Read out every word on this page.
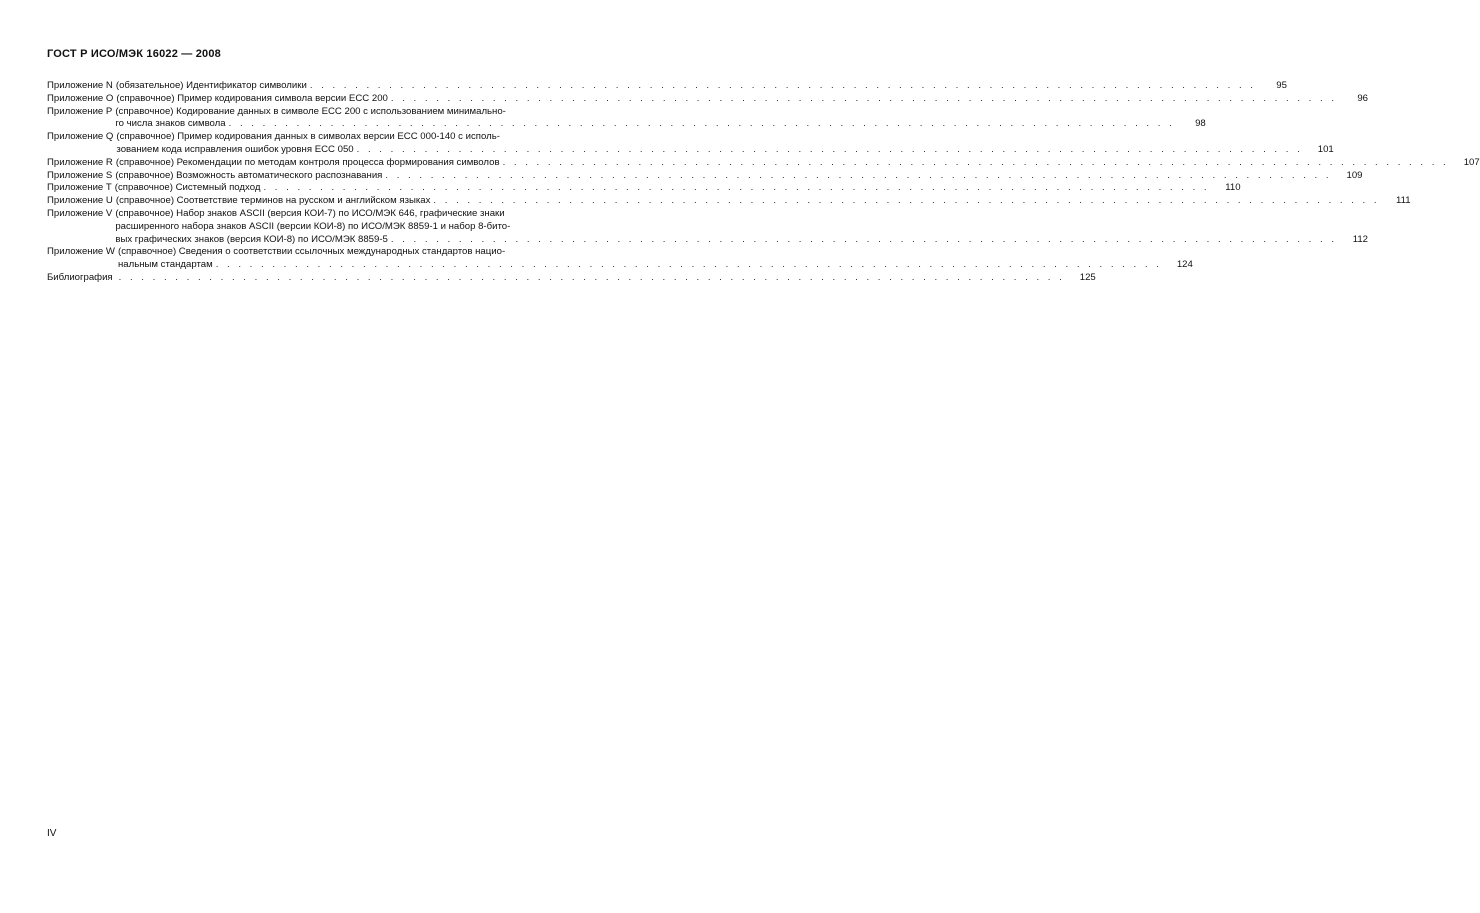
ГОСТ Р ИСО/МЭК 16022 — 2008
Приложение N (обязательное) Идентификатор символики . . . . . . . . . . . . . . . . . . . . . . . . . . . . . . . . . . . . . . . . . . . . . . . . . . . . . . . . . . . . . . . . . . . . . . . . . . . . . . . . . . . .	95
Приложение O (справочное) Пример кодирования символа версии ЕСС 200 . . . . . . . . . . . . . . . . . . . . . . . . . . . . . . . . . . . . . . . . . . . . . . . . . . . . . . . . . . . . . . . . . . . . . . . . . . . . . . . . . . . .	96
Приложение P (справочное) Кодирование данных в символе ЕСС 200 с использованием минимально-
го числа знаков символа . . . . . . . . . . . . . . . . . . . . . . . . . . . . . . . . . . . . . . . . . . . . . . . . . . . . . . . . . . . . . . . . . . . . . . . . . . . . . . . . . . . .	98
Приложение Q (справочное) Пример кодирования данных в символах версии ЕСС 000-140 с исполь-
зованием кода исправления ошибок уровня ЕСС 050 . . . . . . . . . . . . . . . . . . . . . . . . . . . . . . . . . . . . . . . . . . . . . . . . . . . . . . . . . . . . . . . . . . . . . . . . . . . . . . . . . . . .	101
Приложение R (справочное) Рекомендации по методам контроля процесса формирования символов . . . . . . . . . . . . . . . . . . . . . . . . . . . . . . . . . . . . . . . . . . . . . . . . . . . . . . . . . . . . . . . . . . . . . . . . . . . . . . . . . . . .	107
Приложение S (справочное) Возможность автоматического распознавания . . . . . . . . . . . . . . . . . . . . . . . . . . . . . . . . . . . . . . . . . . . . . . . . . . . . . . . . . . . . . . . . . . . . . . . . . . . . . . . . . . . .	109
Приложение T (справочное) Системный подход . . . . . . . . . . . . . . . . . . . . . . . . . . . . . . . . . . . . . . . . . . . . . . . . . . . . . . . . . . . . . . . . . . . . . . . . . . . . . . . . . . . .	110
Приложение U (справочное) Соответствие терминов на русском и английском языках . . . . . . . . . . . . . . . . . . . . . . . . . . . . . . . . . . . . . . . . . . . . . . . . . . . . . . . . . . . . . . . . . . . . . . . . . . . . . . . . . . . .	111
Приложение V (справочное) Набор знаков ASCII (версия КОИ-7) по ИСО/МЭК 646, графические знаки
расширенного набора знаков ASCII (версии КОИ-8) по ИСО/МЭК 8859-1 и набор 8-бито-
вых графических знаков (версия КОИ-8) по ИСО/МЭК 8859-5 . . . . . . . . . . . . . . . . . . . . . . . . . . . . . . . . . . . . . . . . . . . . . . . . . . . . . . . . . . . . . . . . . . . . . . . . . . . . . . . . . . . .	112
Приложение W (справочное) Сведения о соответствии ссылочных международных стандартов нацио-
нальным стандартам . . . . . . . . . . . . . . . . . . . . . . . . . . . . . . . . . . . . . . . . . . . . . . . . . . . . . . . . . . . . . . . . . . . . . . . . . . . . . . . . . . . .	124
Библиография . . . . . . . . . . . . . . . . . . . . . . . . . . . . . . . . . . . . . . . . . . . . . . . . . . . . . . . . . . . . . . . . . . . . . . . . . . . . . . . . . . . .	125
IV
